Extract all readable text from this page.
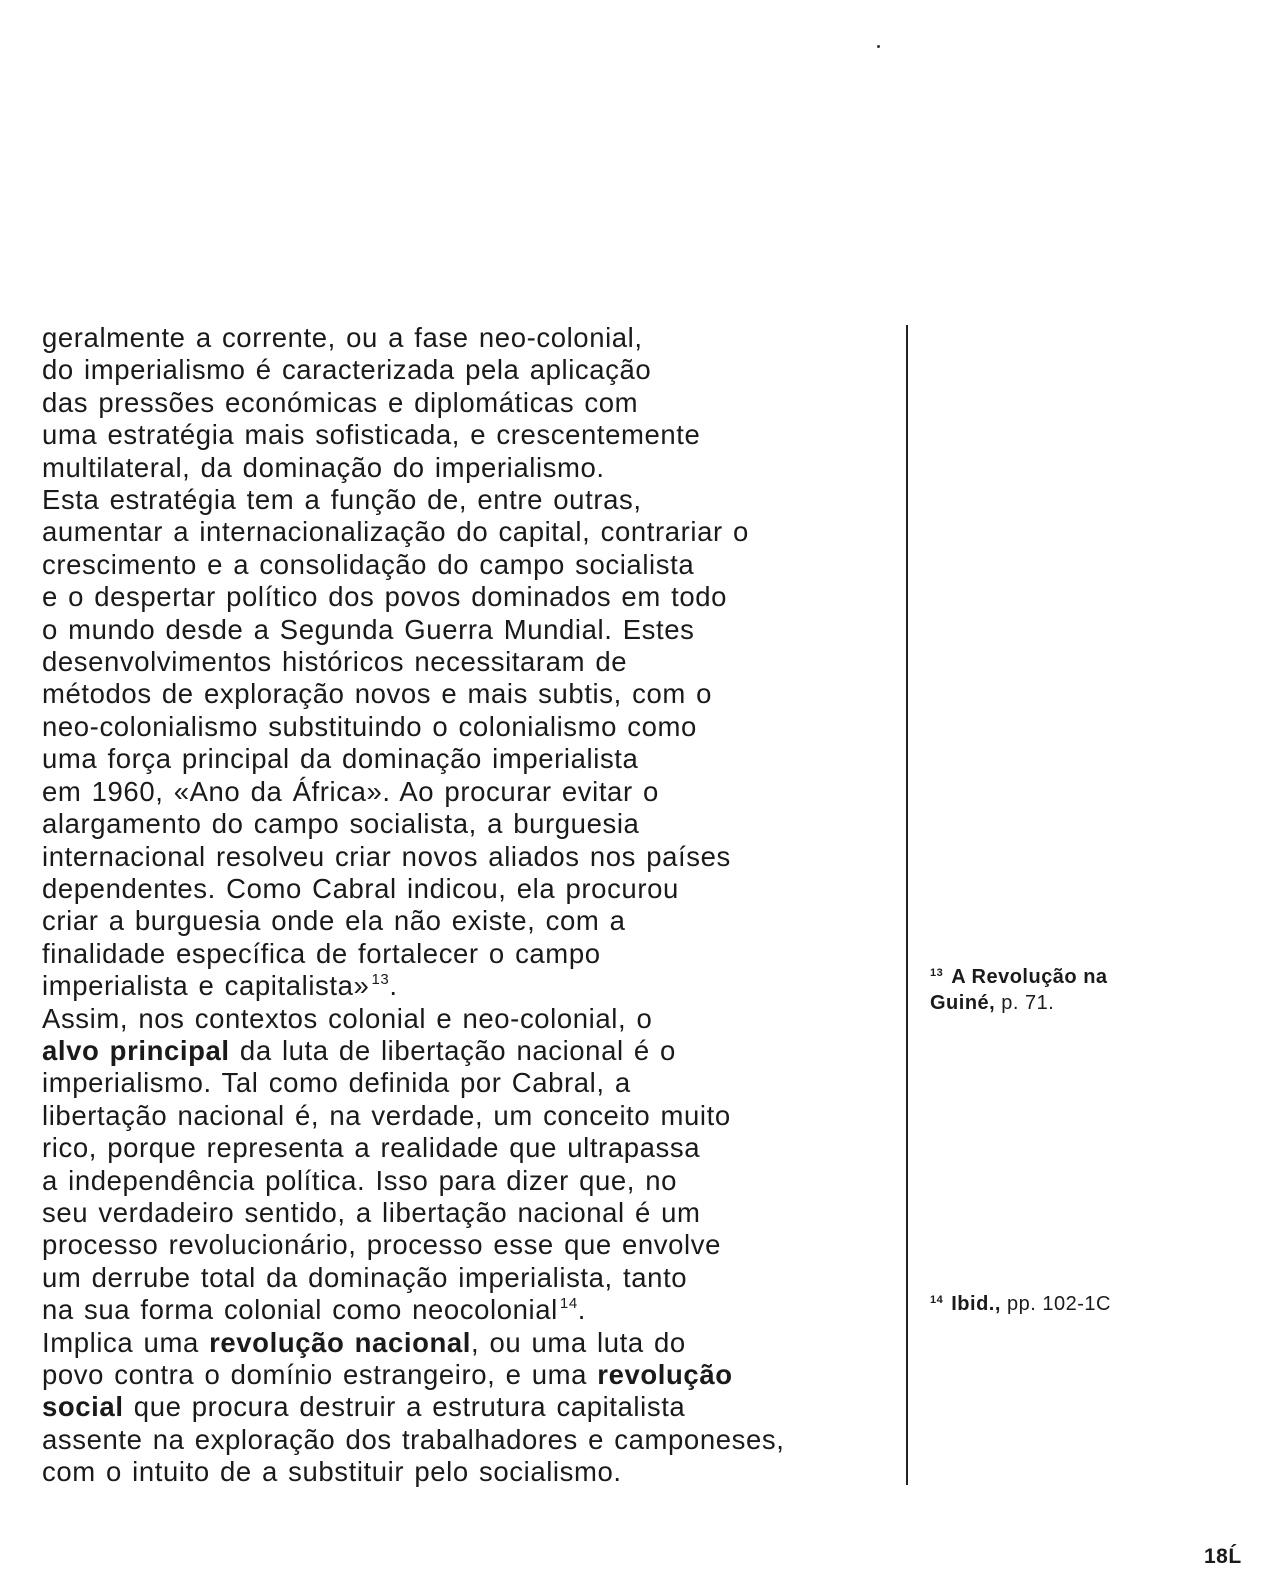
geralmente a corrente, ou a fase neo-colonial,
do imperialismo é caracterizada pela aplicação
das pressões económicas e diplomáticas com
uma estratégia mais sofisticada, e crescentemente
multilateral, da dominação do imperialismo.
Esta estratégia tem a função de, entre outras,
aumentar a internacionalização do capital, contrariar o
crescimento e a consolidação do campo socialista
e o despertar político dos povos dominados em todo
o mundo desde a Segunda Guerra Mundial. Estes
desenvolvimentos históricos necessitaram de
métodos de exploração novos e mais subtis, com o
neo-colonialismo substituindo o colonialismo como
uma força principal da dominação imperialista
em 1960, «Ano da África». Ao procurar evitar o
alargamento do campo socialista, a burguesia
internacional resolveu criar novos aliados nos países
dependentes. Como Cabral indicou, ela procurou
criar a burguesia onde ela não existe, com a
finalidade específica de fortalecer o campo
imperialista e capitalista» $^{13}$.
Assim, nos contextos colonial e neo-colonial, o
alvo principal da luta de libertação nacional é o
imperialismo. Tal como definida por Cabral, a
libertação nacional é, na verdade, um conceito muito
rico, porque representa a realidade que ultrapassa
a independência política. Isso para dizer que, no
seu verdadeiro sentido, a libertação nacional é um
processo revolucionário, processo esse que envolve
um derrube total da dominação imperialista, tanto
na sua forma colonial como neocolonial $^{14}$.
Implica uma revolução nacional, ou uma luta do
povo contra o domínio estrangeiro, e uma revolução
social que procura destruir a estrutura capitalista
assente na exploração dos trabalhadores e camponeses,
com o intuito de a substituir pelo socialismo.
$^{13}$ A Revolução na
Guiné, p. 71.
$^{14}$ Ibid., pp. 102-1C
18Ĺ
